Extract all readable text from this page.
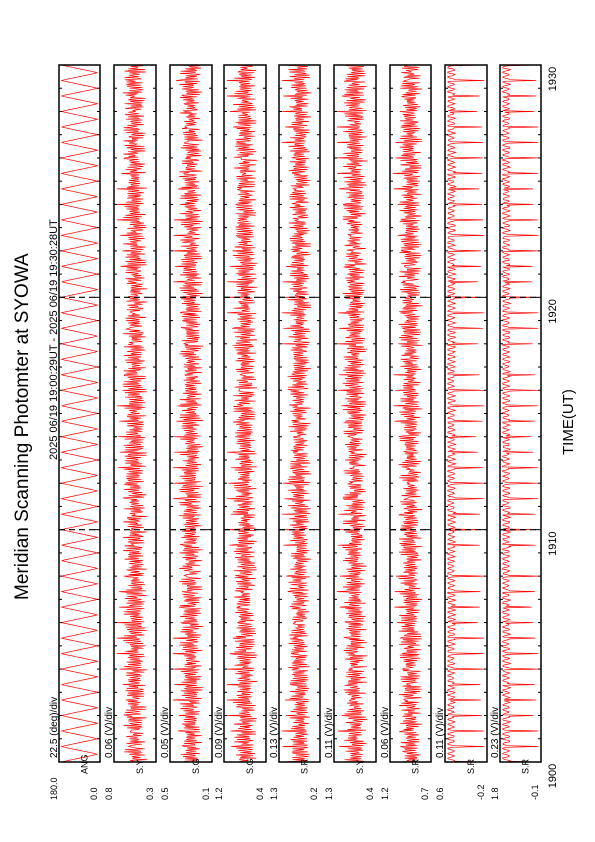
180.0	0.0
ANG
22.5 (deg)/div
0.8	0.3
S.Y
0.06 (V)/div
0.5	0.1
S.G
0.05 (V)/div
1.2	0.4
S.G
0.09 (V)/div
1.3	0.2
S.R
0.13 (V)/div
1.3	0.4
S.Y
0.11 (V)/div
1.2	0.7
S.R
0.06 (V)/div
0.6	-0.2
S.R
0.11 (V)/div
1.8	-0.1
S.R
0.23 (V)/div
1900
1910
1920
1930
Meridian Scanning Photomter at SYOWA 2025 06/19 19:00:29UT - 2025 06/19 19:30:28UT	TIME(UT)
